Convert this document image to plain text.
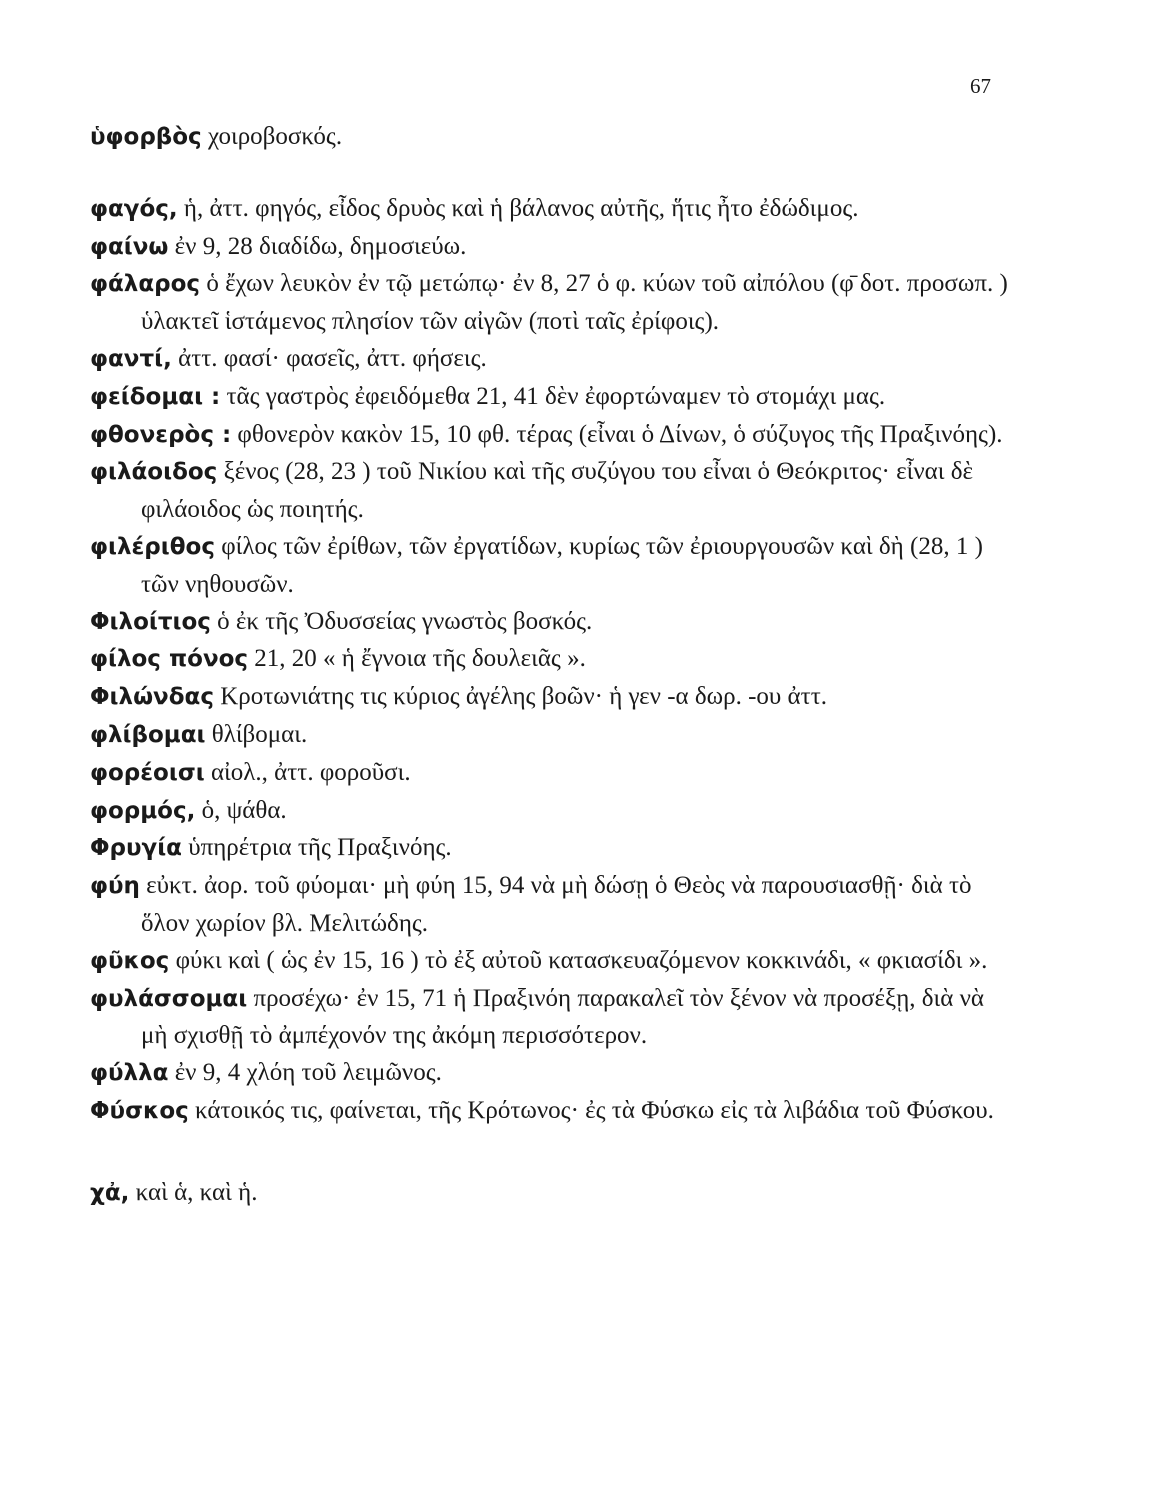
67

ὑφορβὸς χοιροβοσκός.

φαγός, ἡ, ἀττ. φηγός, εἶδος δρυὸς καὶ ἡ βάλανος αὐτῆς, ἥτις ἦτο ἐδώδιμος.

φαίνω ἐν 9, 28 διαδίδω, δημοσιεύω.

φάλαρος ὁ ἔχων λευκὸν ἐν τῷ μετώπῳ· ἐν 8, 27 ὁ φ. κύων τοῦ αἰπόλου (φ̄ δοτ. προσωπ. ) ὑλακτεῖ ἱστάμενος πλησίον τῶν αἰγῶν (ποτὶ ταῖς ἐρίφοις).

φαντί, ἀττ. φασί· φασεῖς, ἀττ. φήσεις.

φείδομαι : τᾶς γαστρὸς ἐφειδόμεθα 21, 41 δὲν ἐφορτώναμεν τὸ στομάχι μας.

φθονερὸς : φθονερὸν κακὸν 15, 10 φθ. τέρας (εἶναι ὁ Δίνων, ὁ σύζυγος τῆς Πραξινόης).

φιλάοιδος ξένος (28, 23 ) τοῦ Νικίου καὶ τῆς συζύγου του εἶναι ὁ Θεόκριτος· εἶναι δὲ φιλάοιδος ὡς ποιητής.

φιλέριθος φίλος τῶν ἐρίθων, τῶν ἐργατίδων, κυρίως τῶν ἐριουργουσῶν καὶ δὴ (28, 1 ) τῶν νηθουσῶν.

Φιλοίτιος ὁ ἐκ τῆς Ὀδυσσείας γνωστὸς βοσκός.

φίλος πόνος 21, 20 « ἡ ἔγνοια τῆς δουλειᾶς ».

Φιλώνδας Κροτωνιάτης τις κύριος ἀγέλης βοῶν· ἡ γεν -α δωρ. -ου ἀττ.

φλίβομαι θλίβομαι.

φορέοισι αἰολ., ἀττ. φοροῦσι.

φορμός, ὁ, ψάθα.

Φρυγία ὑπηρέτρια τῆς Πραξινόης.

φύη εὐκτ. ἀορ. τοῦ φύομαι· μὴ φύη 15, 94 νὰ μὴ δώσῃ ὁ Θεὸς νὰ παρουσιασθῇ· διὰ τὸ ὅλον χωρίον βλ. Μελιτώδης.

φῦκος φύκι καὶ ( ὡς ἐν 15, 16 ) τὸ ἐξ αὐτοῦ κατασκευαζόμενον κοκκινάδι, « φκιασίδι ».

φυλάσσομαι προσέχω· ἐν 15, 71 ἡ Πραξινόη παρακαλεῖ τὸν ξένον νὰ προσέξῃ, διὰ νὰ μὴ σχισθῇ τὸ ἀμπέχονόν της ἀκόμη περισσότερον.

φύλλα ἐν 9, 4 χλόη τοῦ λειμῶνος.

Φύσκος κάτοικός τις, φαίνεται, τῆς Κρότωνος· ἐς τὰ Φύσκω εἰς τὰ λιβάδια τοῦ Φύσκου.

χἀ, καὶ ἁ, καὶ ἡ.
